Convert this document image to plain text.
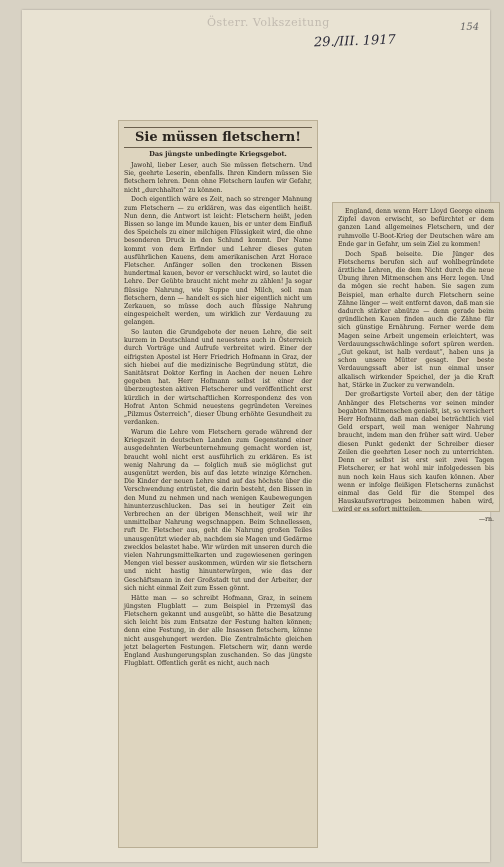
Österr. Volkszeitung
29./III. 1917
154
Sie müssen fletschern!
Das jüngste unbedingte Kriegsgebot.

Jawohl, lieber Leser, auch Sie müssen fletschern. Und Sie, geehrte Leserin, ebenfalls. Ihren Kindern müssen Sie fletschern lehren. Denn ohne Fletschern laufen wir Gefahr, nicht „durchhalten“ zu können.

Doch eigentlich wäre es Zeit, nach so strenger Mahnung zum Fletschern — zu erklären, was das eigentlich heißt. Nun denn, die Antwort ist leicht: Fletschern heißt, jeden Bissen so lange im Munde kauen, bis er unter dem Einfluß des Speichels zu einer milchigen Flüssigkeit wird, die ohne besonderen Druck in den Schlund kommt. Der Name kommt von dem Erfinder und Lehrer dieses guten ausführlichen Kauens, dem amerikanischen Arzt Horace Fletscher. Anfänger sollen den trockenen Bissen hundertmal kauen, bevor er verschluckt wird, so lautet die Lehre. Der Geübte braucht nicht mehr zu zählen! Ja sogar flüssige Nahrung, wie Suppe und Milch, soll man fletschern, denn — handelt es sich hier eigentlich nicht um Zerkauen, so müsse doch auch flüssige Nahrung eingespeichelt werden, um wirklich zur Verdauung zu gelangen.

So lauten die Grundgebote der neuen Lehre, die seit kurzem in Deutschland und neuestens auch in Österreich durch Vorträge und Aufrufe verbreitet wird. Einer der eifrigsten Apostel ist Herr Friedrich Hofmann in Graz, der sich hiebei auf die medizinische Begründung stützt, die Sanitätsrat Doktor Kerfing in Aachen der neuen Lehre gegeben hat. Herr Hofmann selbst ist einer der überzeugtesten aktiven Fletscherer und veröffentlicht erst kürzlich in der wirtschaftlichen Korrespondenz des von Hofrat Anton Schmid neuestens gegründeten Vereines „Pilzmus Österreich“, dieser Übung erhöhte Gesundheit zu verdanken.

Warum die Lehre vom Fletschern gerade während der Kriegszeit in deutschen Landen zum Gegenstand einer ausgedehnten Werbeunternehmung gemacht worden ist, braucht wohl nicht erst ausführlich zu erklären. Es ist wenig Nahrung da — folglich muß sie möglichst gut ausgenützt werden, bis auf das letzte winzige Körnchen. Die Kinder der neuen Lehre sind auf das höchste über die Verschwendung entrüstet, die darin besteht, den Bissen in den Mund zu nehmen und nach wenigen Kaubewegungen hinunterzuschlucken. Das sei in heutiger Zeit ein Verbrechen an der übrigen Menschheit, weil wir ihr unmittelbar Nahrung wegschnappen. Beim Schnellessen, ruft Dr. Fletscher aus, geht die Nahrung großen Teiles unausgenützt wieder ab, nachdem sie Magen und Gedärme zwecklos belastet habe. Wir würden mit unseren durch die vielen Nahrungsmittelkarten und zugewiesenen geringen Mengen viel besser auskommen, würden wir sie fletschern und nicht hastig hinunterwürgen, wie das der Geschäftsmann in der Großstadt tut und der Arbeiter, der sich nicht einmal Zeit zum Essen gönnt.

Hätte man — so schreibt Hofmann, Graz, in seinem jüngsten Flugblatt — zum Beispiel in Przemyśl das Fletschern gekannt und ausgeübt, so hätte die Besatzung sich leicht bis zum Entsatze der Festung halten können; denn eine Festung, in der alle Insassen fletschern, könne nicht ausgehungert werden. Die Zentralmächte gleichen jetzt belagerten Festungen. Fletschern wir, dann werde England Aushungerungsplan zuschanden. So das jüngste Flugblatt. Offentlich gerät es nicht, auch nach

England, denn wenn Herr Lloyd George einem Zipfel davon erwischt, so befürchtet er dem ganzen Land allgemeines Fletschern, und der ruhmvolle U-Boot-Krieg der Deutschen wäre am Ende gar in Gefahr, um sein Ziel zu kommen!

Doch Spaß beiseite. Die Jünger des Fletscherns berufen sich auf wohlbegründete ärztliche Lehren, die dem Nicht durch die neue Übung ihren Mitmenschen ans Herz legen. Und da mögen sie recht haben. Sie sagen zum Beispiel, man erhalte durch Fletschern seine Zähne länger — weit entfernt davon, daß man sie dadurch stärker abnütze — denn gerade beim gründlichen Kauen finden auch die Zähne für sich günstige Ernährung. Ferner werde dem Magen seine Arbeit ungemein erleichtert, was Verdauungsschwächlinge sofort spüren werden. „Gut gekaut, ist halb verdaut“, haben uns ja schon unsere Mütter gesagt. Der beste Verdauungssaft aber ist nun einmal unser alkalisch wirkender Speichel, der ja die Kraft hat, Stärke in Zucker zu verwandeln.

Der großartigste Vorteil aber, den der tätige Anhänger des Fletscherns vor seinen minder begabten Mitmenschen genießt, ist, so versichert Herr Hofmann, daß man dabei beträchtlich viel Geld erspart, weil man weniger Nahrung braucht, indem man den früher satt wird. Ueber diesen Punkt gedenkt der Schreiber dieser Zeilen die geehrten Leser noch zu unterrichten. Denn er selbst ist erst seit zwei Tagen Fletscherer, er hat wohl mir infolgedessen bis nun noch kein Haus sich kaufen können. Aber wenn er infolge fleißigen Fletscherns zunächst einmal das Geld für die Stempel des Hauskaufsvertrages beizommen haben wird, wird er es sofort mitteilen.

—rn.
